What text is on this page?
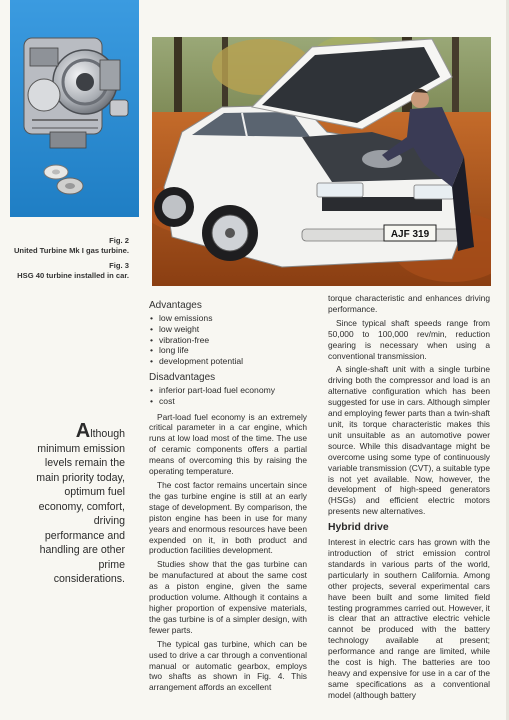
AJF 319

Fig. 2
United Turbine Mk I gas turbine.

Fig. 3
HSG 40 turbine installed in car.

Although minimum emission levels remain the main priority today, optimum fuel economy, comfort, driving performance and handling are other prime considerations.
Advantages
• low emissions
• low weight
• vibration-free
• long life
• development potential
Disadvantages
• inferior part-load fuel economy
• cost

Part-load fuel economy is an extremely critical parameter in a car engine, which runs at low load most of the time. The use of ceramic components offers a partial means of overcoming this by raising the operating temperature.

The cost factor remains uncertain since the gas turbine engine is still at an early stage of development. By comparison, the piston engine has been in use for many years and enormous resources have been expended on it, in both product and production facilities development.

Studies show that the gas turbine can be manufactured at about the same cost as a piston engine, given the same production volume. Although it contains a higher proportion of expensive materials, the gas turbine is of a simpler design, with fewer parts.

The typical gas turbine, which can be used to drive a car through a conventional manual or automatic gearbox, employs two shafts as shown in Fig. 4. This arrangement affords an excellent

torque characteristic and enhances driving performance.

Since typical shaft speeds range from 50,000 to 100,000 rev/min, reduction gearing is necessary when using a conventional transmission.

A single-shaft unit with a single turbine driving both the compressor and load is an alternative configuration which has been suggested for use in cars. Although simpler and employing fewer parts than a twin-shaft unit, its torque characteristic makes this unit unsuitable as an automotive power source. While this disadvantage might be overcome using some type of continuously variable transmission (CVT), a suitable type is not yet available. Now, however, the development of high-speed generators (HSGs) and efficient electric motors presents new alternatives.

Hybrid drive

Interest in electric cars has grown with the introduction of strict emission control standards in various parts of the world, particularly in southern California. Among other projects, several experimental cars have been built and some limited field testing programmes carried out. However, it is clear that an attractive electric vehicle cannot be produced with the battery technology available at present; performance and range are limited, while the cost is high. The batteries are too heavy and expensive for use in a car of the same specifications as a conventional model (although battery
